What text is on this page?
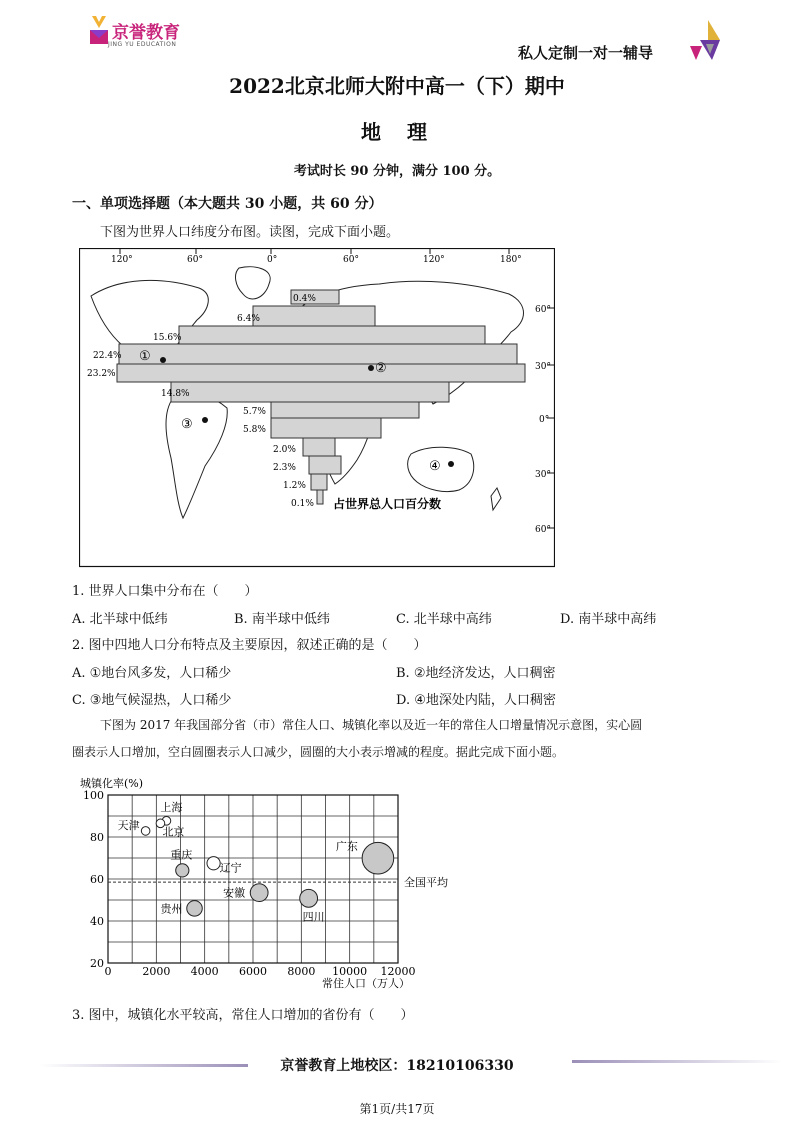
京誉教育
JING YU EDUCATION	私人定制一对一辅导
2022北京北师大附中高一（下）期中
地理
考试时长 90 分钟，满分 100 分。
一、单项选择题（本大题共 30 小题，共 60 分）
下图为世界人口纬度分布图。读图，完成下面小题。
120°	60°	0°	60°	120°	180°
60°
30°
0°
30°
60°
0.4%
6.4%
15.6%
22.4%
23.2%
14.8%
5.7%
5.8%
2.0%
2.3%
1.2%
0.1%
①
②
③
④
占世界总人口百分数
1. 世界人口集中分布在（　　）
A. 北半球中低纬	B. 南半球中低纬	C. 北半球中高纬	D. 南半球中高纬
2. 图中四地人口分布特点及主要原因，叙述正确的是（　　）
A. ①地台风多发，人口稀少	B. ②地经济发达，人口稠密
C. ③地气候湿热，人口稀少	D. ④地深处内陆，人口稠密
下图为 2017 年我国部分省（市）常住人口、城镇化率以及近一年的常住人口增量情况示意图，实心圆
圈表示人口增加，空白圆圈表示人口减少，圆圈的大小表示增减的程度。据此完成下面小题。
城镇化率(%)
全国平均
上海
天津 北京
广东
重庆
辽宁
安徽
贵州
四川
0	2000 4000 6000 8000 10000 12000
20
40
60
80
100
常住人口（万人）
3. 图中，城镇化水平较高，常住人口增加的省份有（　　）
京誉教育上地校区：18210106330
第1页/共17页
